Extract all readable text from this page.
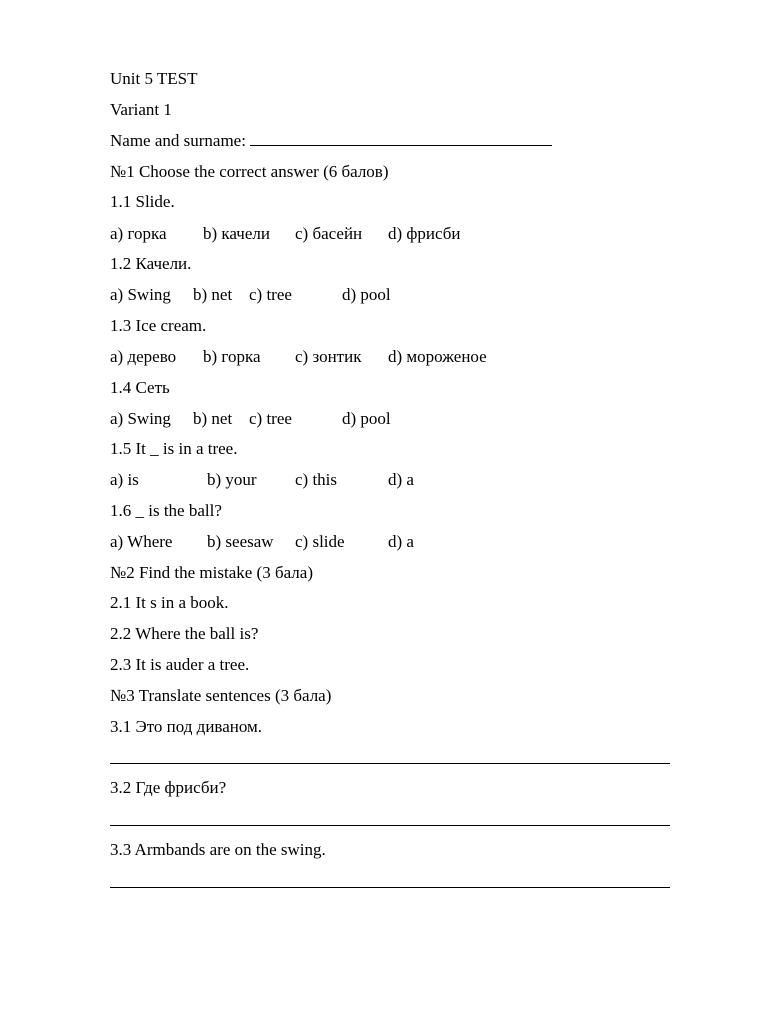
Unit 5 TEST
Variant 1
Name and surname:
№1 Choose the correct answer (6 балов)
1.1 Slide.
a) горка b) качели c) басейн d) фрисби
1.2 Качели.
a) Swing b) net c) tree	d) pool
1.3 Ice cream.
a) дерево b) горка c) зонтик d) мороженое
1.4 Сеть
a) Swing b) net c) tree	d) pool
1.5 It _ is in a tree.
a) is	b) your c) this	d) a
1.6 _ is the ball?
a) Where b) seesaw c) slide	d) a
№2 Find the mistake (3 бала)
2.1 It s in a book.
2.2 Where the ball is?
2.3 It is auder a tree.
№3 Translate sentences (3 бала)
3.1 Это под диваном.
3.2 Где фрисби?
3.3 Armbands are on the swing.
